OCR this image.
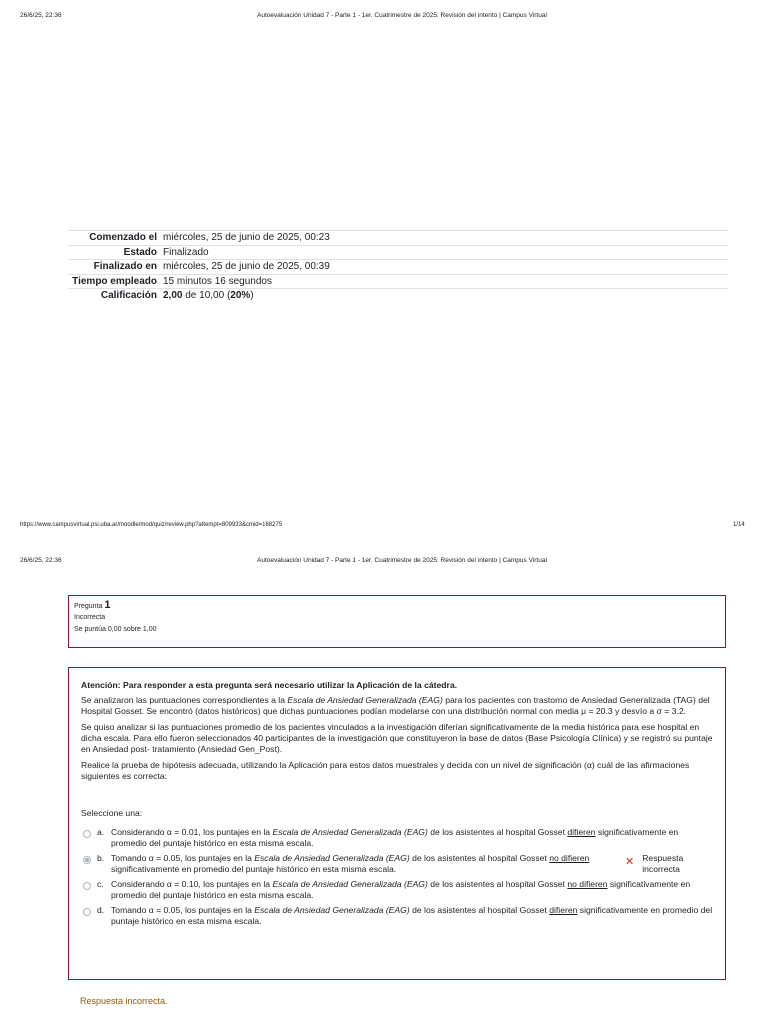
26/6/25, 22:36	Autoevaluación Unidad 7 - Parte 1 - 1er. Cuatrimestre de 2025: Revisión del intento | Campus Virtual
Comenzado el miércoles, 25 de junio de 2025, 00:23
Estado Finalizado
Finalizado en miércoles, 25 de junio de 2025, 00:39
Tiempo empleado 15 minutos 16 segundos
Calificación 2,00 de 10,00 (20%)
https://www.campusvirtual.psi.uba.ar/moodle/mod/quiz/review.php?attempt=809933&cmid=168275	1/14
26/6/25, 22:36	Autoevaluación Unidad 7 - Parte 1 - 1er. Cuatrimestre de 2025: Revisión del intento | Campus Virtual
Pregunta 1
Incorrecta
Se puntúa 0,00 sobre 1,00

Atención: Para responder a esta pregunta será necesario utilizar la Aplicación de la cátedra.

Se analizaron las puntuaciones correspondientes a la Escala de Ansiedad Generalizada (EAG) para los pacientes con trastorno de Ansiedad Generalizada (TAG) del Hospital Gosset. Se encontró (datos históricos) que dichas puntuaciones podían modelarse con una distribución normal con media μ = 20.3 y desvío a σ = 3.2.

Se quiso analizar si las puntuaciones promedio de los pacientes vinculados a la investigación diferían significativamente de la media histórica para ese hospital en dicha escala. Para ello fueron seleccionados 40 participantes de la investigación que constituyeron la base de datos (Base Psicología Clínica) y se registró su puntaje en Ansiedad post- tratamiento (Ansiedad Gen_Post).

Realice la prueba de hipótesis adecuada, utilizando la Aplicación para estos datos muestrales y decida con un nivel de significación (α) cuál de las afirmaciones siguientes es correcta:

Seleccione una:

a. Considerando α = 0.01, los puntajes en la Escala de Ansiedad Generalizada (EAG) de los asistentes al hospital Gosset difieren significativamente en promedio del puntaje histórico en esta misma escala.
b. Tomando α = 0.05, los puntajes en la Escala de Ansiedad Generalizada (EAG) de los asistentes al hospital Gosset no difieren significativamente en promedio del puntaje histórico en esta misma escala.
✕ Respuesta incorrecta
c. Considerando α = 0.10, los puntajes en la Escala de Ansiedad Generalizada (EAG) de los asistentes al hospital Gosset no difieren significativamente en promedio del puntaje histórico en esta misma escala.
d. Tomando α = 0.05, los puntajes en la Escala de Ansiedad Generalizada (EAG) de los asistentes al hospital Gosset difieren significativamente en promedio del puntaje histórico en esta misma escala.
Respuesta incorrecta.
